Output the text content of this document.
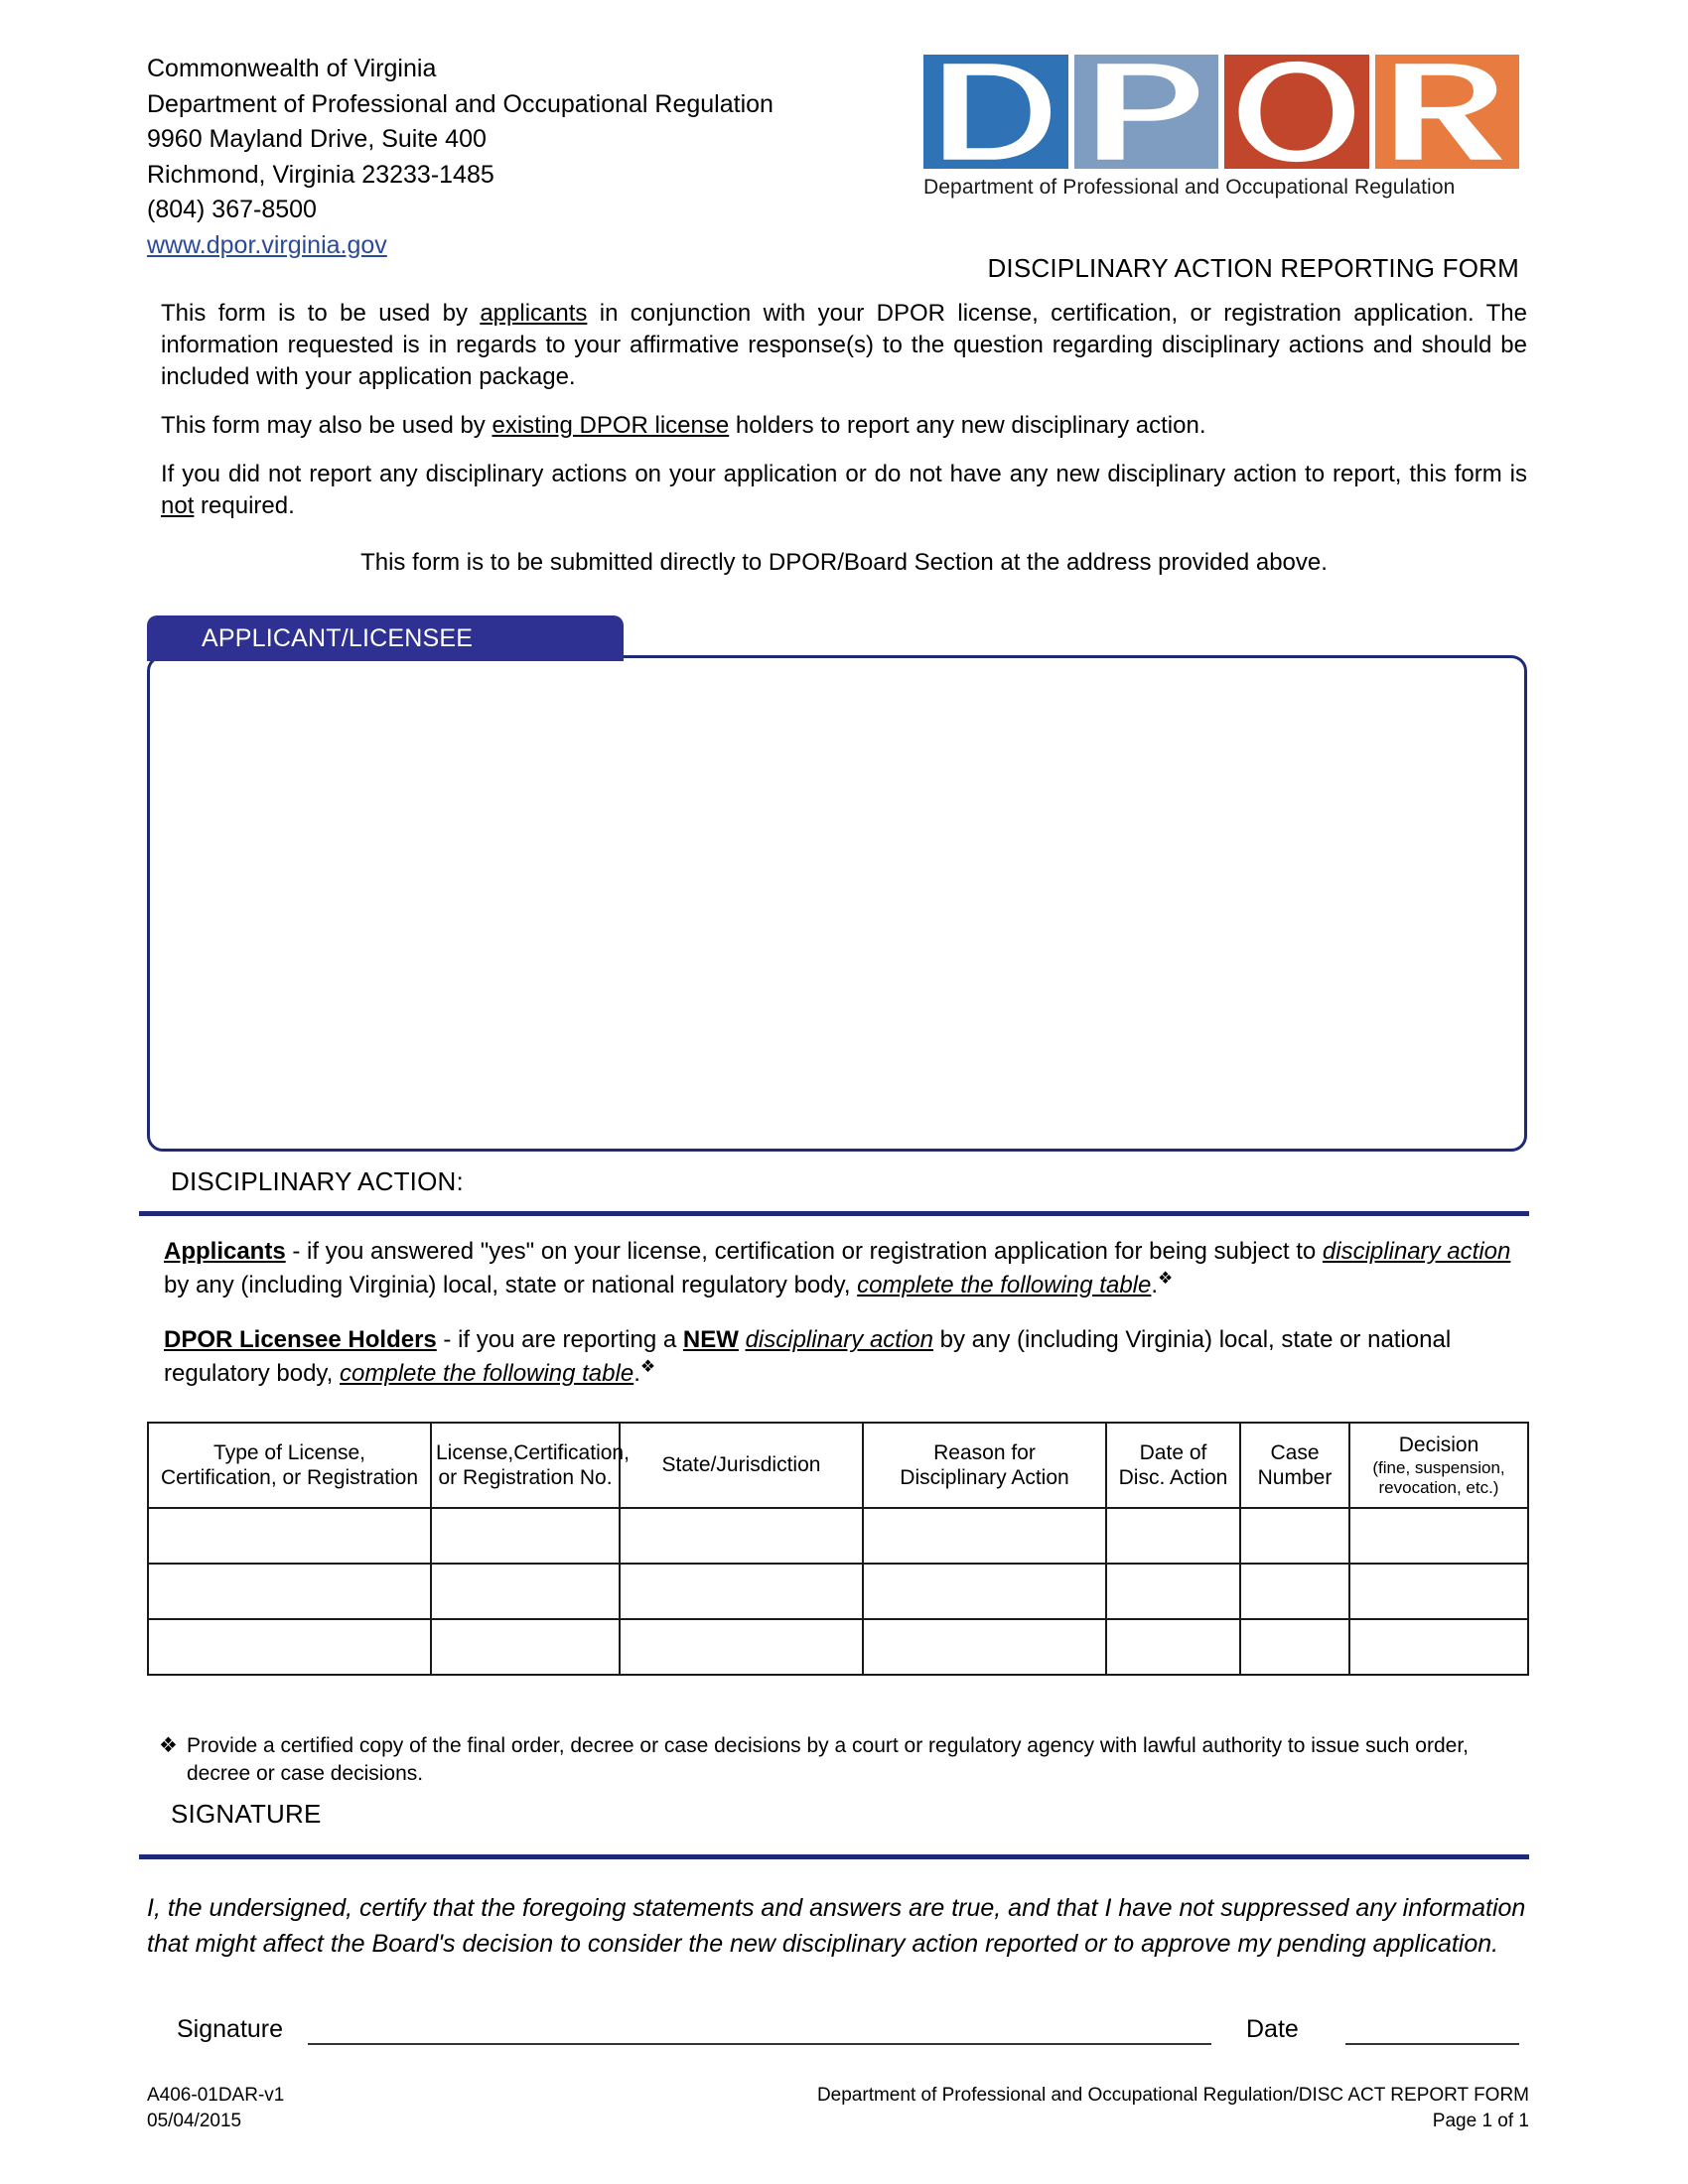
Commonwealth of Virginia
Department of Professional and Occupational Regulation
9960 Mayland Drive, Suite 400
Richmond, Virginia 23233-1485
(804) 367-8500
www.dpor.virginia.gov
Department of Professional and Occupational Regulation
DISCIPLINARY ACTION REPORTING FORM

This form is to be used by applicants in conjunction with your DPOR license, certification, or registration application. The information requested is in regards to your affirmative response(s) to the question regarding disciplinary actions and should be included with your application package.

This form may also be used by existing DPOR license holders to report any new disciplinary action.

If you did not report any disciplinary actions on your application or do not have any new disciplinary action to report, this form is not required.

This form is to be submitted directly to DPOR/Board Section at the address provided above.

APPLICANT/LICENSEE
DISCIPLINARY ACTION:

Applicants - if you answered "yes" on your license, certification or registration application for being subject to disciplinary action by any (including Virginia) local, state or national regulatory body, complete the following table.❖

DPOR Licensee Holders - if you are reporting a NEW disciplinary action by any (including Virginia) local, state or national regulatory body, complete the following table.❖

Type of License,
Certification, or Registration	License,Certification,
or Registration No.	State/Jurisdiction	Reason for
Disciplinary Action	Date of
Disc. Action	Case
Number	Decision
(fine, suspension,
revocation, etc.)

❖ Provide a certified copy of the final order, decree or case decisions by a court or regulatory agency with lawful authority to issue such order, decree or case decisions.
SIGNATURE
I, the undersigned, certify that the foregoing statements and answers are true, and that I have not suppressed any information that might affect the Board's decision to consider the new disciplinary action reported or to approve my pending application.
Signature	Date
A406-01DAR-v1
05/04/2015
Department of Professional and Occupational Regulation/DISC ACT REPORT FORM
Page 1 of 1
